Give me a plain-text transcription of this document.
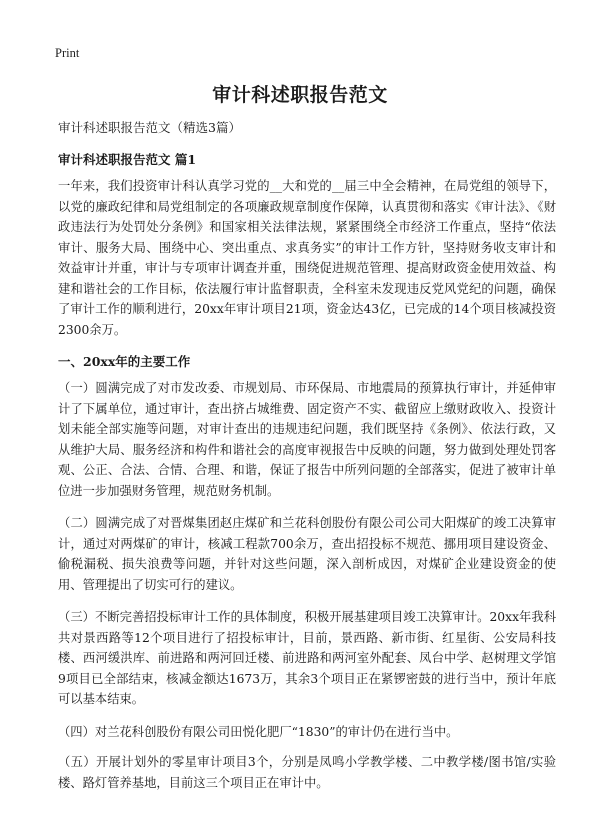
Print
审计科述职报告范文
审计科述职报告范文（精选3篇）
审计科述职报告范文 篇1

一年来，我们投资审计科认真学习党的__大和党的__届三中全会精神，在局党组的领导下，以党的廉政纪律和局党组制定的各项廉政规章制度作保障，认真贯彻和落实《审计法》、《财政违法行为处罚处分条例》和国家相关法律法规，紧紧围绕全市经济工作重点，坚持“依法审计、服务大局、围绕中心、突出重点、求真务实”的审计工作方针，坚持财务收支审计和效益审计并重，审计与专项审计调查并重，围绕促进规范管理、提高财政资金使用效益、构建和谐社会的工作目标，依法履行审计监督职责，全科室未发现违反党风党纪的问题，确保了审计工作的顺利进行，20xx年审计项目21项，资金达43亿，已完成的14个项目核减投资2300余万。

一、20xx年的主要工作

（一）圆满完成了对市发改委、市规划局、市环保局、市地震局的预算执行审计，并延伸审计了下属单位，通过审计，查出挤占城维费、固定资产不实、截留应上缴财政收入、投资计划未能全部实施等问题，对审计查出的违规违纪问题，我们既坚持《条例》、依法行政，又从维护大局、服务经济和构件和谐社会的高度审视报告中反映的问题，努力做到处理处罚客观、公正、合法、合情、合理、和谐，保证了报告中所列问题的全部落实，促进了被审计单位进一步加强财务管理，规范财务机制。

（二）圆满完成了对晋煤集团赵庄煤矿和兰花科创股份有限公司公司大阳煤矿的竣工决算审计，通过对两煤矿的审计，核减工程款700余万，查出招投标不规范、挪用项目建设资金、偷税漏税、损失浪费等问题，并针对这些问题，深入剖析成因，对煤矿企业建设资金的使用、管理提出了切实可行的建议。

（三）不断完善招投标审计工作的具体制度，积极开展基建项目竣工决算审计。20xx年我科共对景西路等12个项目进行了招投标审计，目前，景西路、新市街、红星街、公安局科技楼、西河缓洪库、前进路和两河回迁楼、前进路和两河室外配套、凤台中学、赵树理文学馆9项目已全部结束，核减金额达1673万，其余3个项目正在紧锣密鼓的进行当中，预计年底可以基本结束。

（四）对兰花科创股份有限公司田悦化肥厂“1830”的审计仍在进行当中。

（五）开展计划外的零星审计项目3个，分别是凤鸣小学教学楼、二中教学楼/图书馆/实验楼、路灯管养基地，目前这三个项目正在审计中。
